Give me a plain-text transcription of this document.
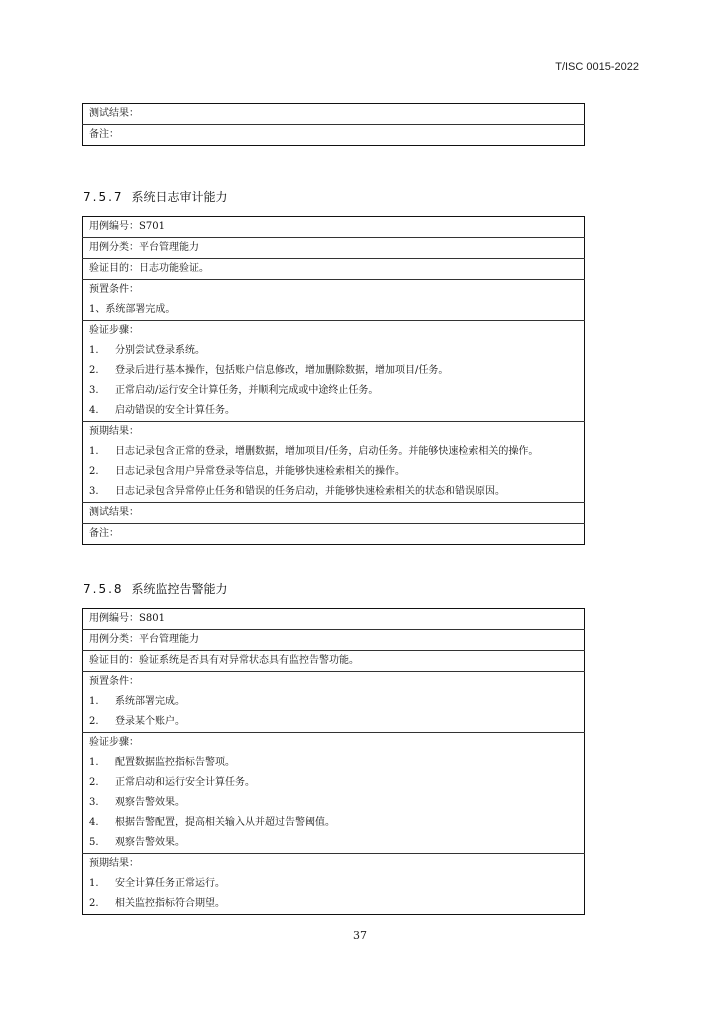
T/ISC 0015-2022
测试结果：
备注：
7.5.7 系统日志审计能力
用例编号：S701
用例分类：平台管理能力
验证目的：日志功能验证。
预置条件：
1、系统部署完成。
验证步骤：
1. 分别尝试登录系统。
2. 登录后进行基本操作，包括账户信息修改，增加删除数据，增加项目/任务。
3. 正常启动/运行安全计算任务，并顺利完成或中途终止任务。
4. 启动错误的安全计算任务。
预期结果：
1. 日志记录包含正常的登录，增删数据，增加项目/任务，启动任务。并能够快速检索相关的操作。
2. 日志记录包含用户异常登录等信息，并能够快速检索相关的操作。
3. 日志记录包含异常停止任务和错误的任务启动，并能够快速检索相关的状态和错误原因。
测试结果：
备注：
7.5.8 系统监控告警能力
用例编号：S801
用例分类：平台管理能力
验证目的：验证系统是否具有对异常状态具有监控告警功能。
预置条件：
1. 系统部署完成。
2. 登录某个账户。
验证步骤：
1. 配置数据监控指标告警项。
2. 正常启动和运行安全计算任务。
3. 观察告警效果。
4. 根据告警配置，提高相关输入从并超过告警阈值。
5. 观察告警效果。
预期结果：
1. 安全计算任务正常运行。
2. 相关监控指标符合期望。
37
